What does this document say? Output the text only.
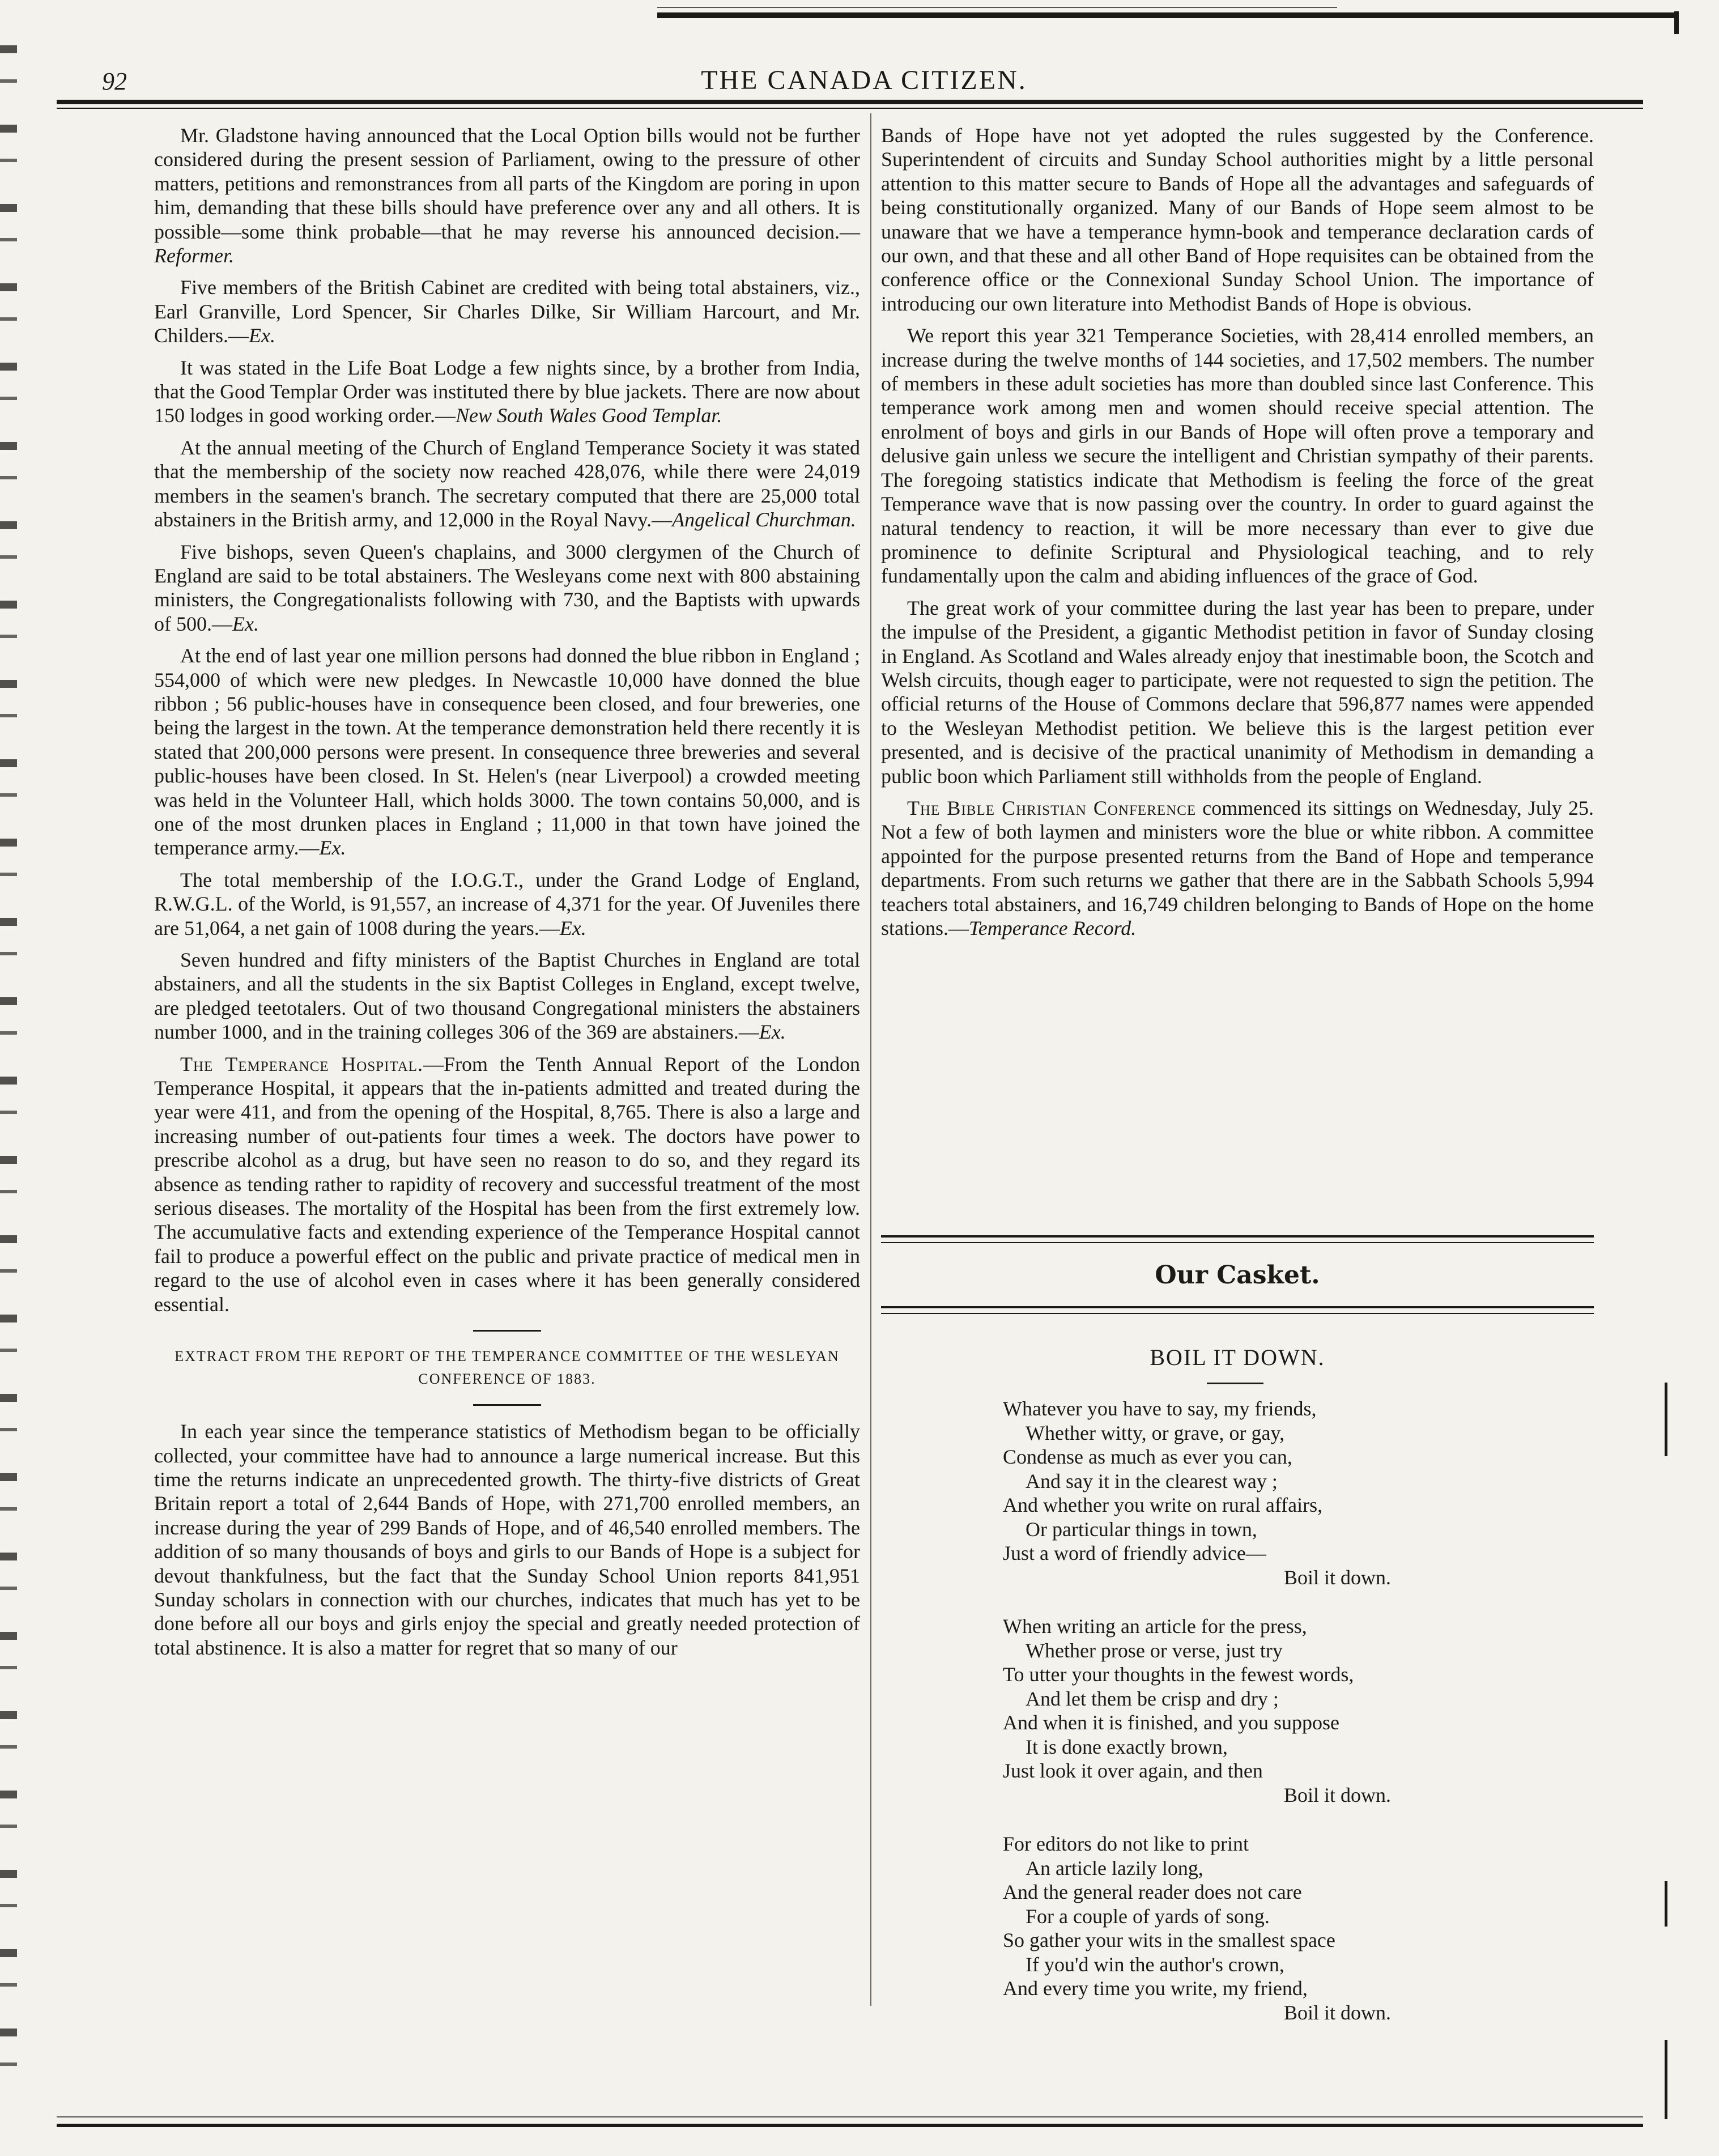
92	THE CANADA CITIZEN.

Mr. Gladstone having announced that the Local Option bills would not be further considered during the present session of Parliament, owing to the pressure of other matters, petitions and remonstrances from all parts of the Kingdom are poring in upon him, demanding that these bills should have preference over any and all others. It is possible—some think probable—that he may reverse his announced decision.—Reformer.

Five members of the British Cabinet are credited with being total abstainers, viz., Earl Granville, Lord Spencer, Sir Charles Dilke, Sir William Harcourt, and Mr. Childers.—Ex.

It was stated in the Life Boat Lodge a few nights since, by a brother from India, that the Good Templar Order was instituted there by blue jackets. There are now about 150 lodges in good working order.—New South Wales Good Templar.

At the annual meeting of the Church of England Temperance Society it was stated that the membership of the society now reached 428,076, while there were 24,019 members in the seamen's branch. The secretary computed that there are 25,000 total abstainers in the British army, and 12,000 in the Royal Navy.—Angelical Churchman.

Five bishops, seven Queen's chaplains, and 3000 clergymen of the Church of England are said to be total abstainers. The Wesleyans come next with 800 abstaining ministers, the Congregationalists following with 730, and the Baptists with upwards of 500.—Ex.

At the end of last year one million persons had donned the blue ribbon in England ; 554,000 of which were new pledges. In Newcastle 10,000 have donned the blue ribbon ; 56 public-houses have in consequence been closed, and four breweries, one being the largest in the town. At the temperance demonstration held there recently it is stated that 200,000 persons were present. In consequence three breweries and several public-houses have been closed. In St. Helen's (near Liverpool) a crowded meeting was held in the Volunteer Hall, which holds 3000. The town contains 50,000, and is one of the most drunken places in England ; 11,000 in that town have joined the temperance army.—Ex.

The total membership of the I.O.G.T., under the Grand Lodge of England, R.W.G.L. of the World, is 91,557, an increase of 4,371 for the year. Of Juveniles there are 51,064, a net gain of 1008 during the years.—Ex.

Seven hundred and fifty ministers of the Baptist Churches in England are total abstainers, and all the students in the six Baptist Colleges in England, except twelve, are pledged teetotalers. Out of two thousand Congregational ministers the abstainers number 1000, and in the training colleges 306 of the 369 are abstainers.—Ex.

The Temperance Hospital.—From the Tenth Annual Report of the London Temperance Hospital, it appears that the in-patients admitted and treated during the year were 411, and from the opening of the Hospital, 8,765. There is also a large and increasing number of out-patients four times a week. The doctors have power to prescribe alcohol as a drug, but have seen no reason to do so, and they regard its absence as tending rather to rapidity of recovery and successful treatment of the most serious diseases. The mortality of the Hospital has been from the first extremely low. The accumulative facts and extending experience of the Temperance Hospital cannot fail to produce a powerful effect on the public and private practice of medical men in regard to the use of alcohol even in cases where it has been generally considered essential.

EXTRACT FROM THE REPORT OF THE TEMPERANCE COMMITTEE OF THE WESLEYAN CONFERENCE OF 1883.

In each year since the temperance statistics of Methodism began to be officially collected, your committee have had to announce a large numerical increase. But this time the returns indicate an unprecedented growth. The thirty-five districts of Great Britain report a total of 2,644 Bands of Hope, with 271,700 enrolled members, an increase during the year of 299 Bands of Hope, and of 46,540 enrolled members. The addition of so many thousands of boys and girls to our Bands of Hope is a subject for devout thankfulness, but the fact that the Sunday School Union reports 841,951 Sunday scholars in connection with our churches, indicates that much has yet to be done before all our boys and girls enjoy the special and greatly needed protection of total abstinence. It is also a matter for regret that so many of our

Bands of Hope have not yet adopted the rules suggested by the Conference. Superintendent of circuits and Sunday School authorities might by a little personal attention to this matter secure to Bands of Hope all the advantages and safeguards of being constitutionally organized. Many of our Bands of Hope seem almost to be unaware that we have a temperance hymn-book and temperance declaration cards of our own, and that these and all other Band of Hope requisites can be obtained from the conference office or the Connexional Sunday School Union. The importance of introducing our own literature into Methodist Bands of Hope is obvious.

We report this year 321 Temperance Societies, with 28,414 enrolled members, an increase during the twelve months of 144 societies, and 17,502 members. The number of members in these adult societies has more than doubled since last Conference. This temperance work among men and women should receive special attention. The enrolment of boys and girls in our Bands of Hope will often prove a temporary and delusive gain unless we secure the intelligent and Christian sympathy of their parents. The foregoing statistics indicate that Methodism is feeling the force of the great Temperance wave that is now passing over the country. In order to guard against the natural tendency to reaction, it will be more necessary than ever to give due prominence to definite Scriptural and Physiological teaching, and to rely fundamentally upon the calm and abiding influences of the grace of God.

The great work of your committee during the last year has been to prepare, under the impulse of the President, a gigantic Methodist petition in favor of Sunday closing in England. As Scotland and Wales already enjoy that inestimable boon, the Scotch and Welsh circuits, though eager to participate, were not requested to sign the petition. The official returns of the House of Commons declare that 596,877 names were appended to the Wesleyan Methodist petition. We believe this is the largest petition ever presented, and is decisive of the practical unanimity of Methodism in demanding a public boon which Parliament still withholds from the people of England.

The Bible Christian Conference commenced its sittings on Wednesday, July 25. Not a few of both laymen and ministers wore the blue or white ribbon. A committee appointed for the purpose presented returns from the Band of Hope and temperance departments. From such returns we gather that there are in the Sabbath Schools 5,994 teachers total abstainers, and 16,749 children belonging to Bands of Hope on the home stations.—Temperance Record.

Our Casket.
BOIL IT DOWN.
Whatever you have to say, my friends,
Whether witty, or grave, or gay,
Condense as much as ever you can,
And say it in the clearest way ;
And whether you write on rural affairs,
Or particular things in town,
Just a word of friendly advice—
Boil it down.
When writing an article for the press,
Whether prose or verse, just try
To utter your thoughts in the fewest words,
And let them be crisp and dry ;
And when it is finished, and you suppose
It is done exactly brown,
Just look it over again, and then
Boil it down.
For editors do not like to print
An article lazily long,
And the general reader does not care
For a couple of yards of song.
So gather your wits in the smallest space
If you'd win the author's crown,
And every time you write, my friend,
Boil it down.
